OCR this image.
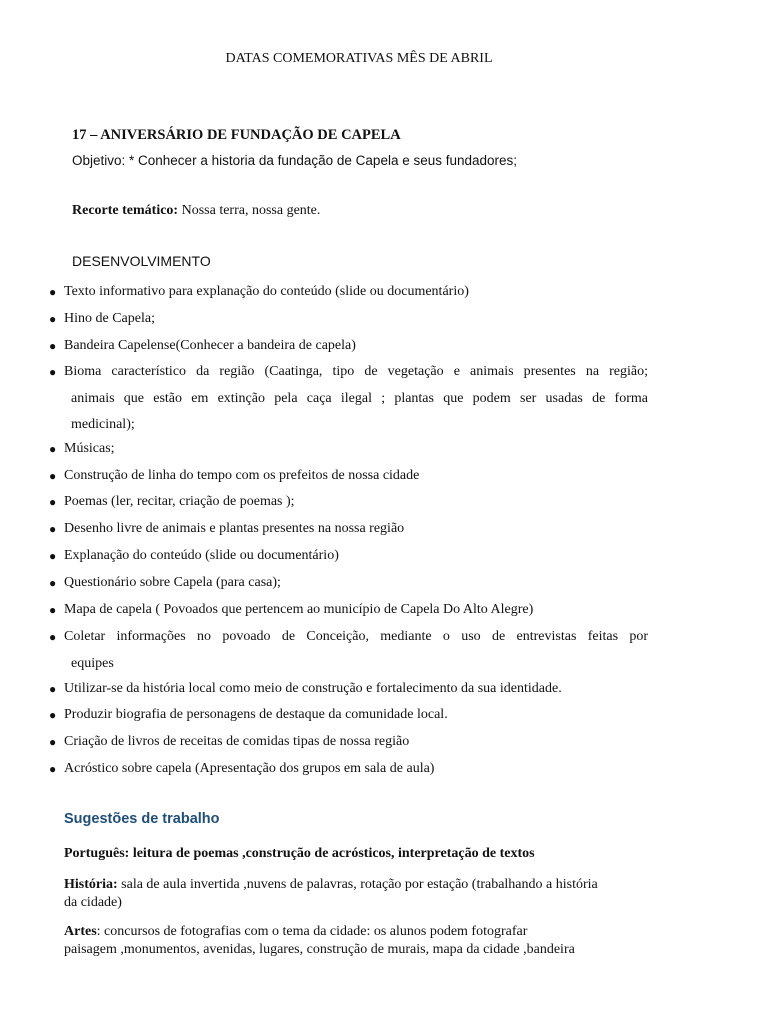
DATAS COMEMORATIVAS MÊS DE ABRIL
17 – ANIVERSÁRIO DE FUNDAÇÃO DE CAPELA
Objetivo: * Conhecer a historia da fundação de Capela e seus fundadores;
Recorte temático: Nossa terra, nossa gente.
DESENVOLVIMENTO
● Texto informativo para explanação do conteúdo (slide ou documentário)
● Hino de Capela;
● Bandeira Capelense(Conhecer a bandeira de capela)
● Bioma característico da região (Caatinga, tipo de vegetação e animais presentes na região;
animais que estão em extinção pela caça ilegal ; plantas que podem ser usadas de forma
medicinal);
● Músicas;
● Construção de linha do tempo com os prefeitos de nossa cidade
● Poemas (ler, recitar, criação de poemas );
● Desenho livre de animais e plantas presentes na nossa região
● Explanação do conteúdo (slide ou documentário)
● Questionário sobre Capela (para casa);
● Mapa de capela ( Povoados que pertencem ao município de Capela Do Alto Alegre)
● Coletar informações no povoado de Conceição, mediante o uso de entrevistas feitas por
equipes
● Utilizar-se da história local como meio de construção e fortalecimento da sua identidade.
● Produzir biografia de personagens de destaque da comunidade local.
● Criação de livros de receitas de comidas tipas de nossa região
● Acróstico sobre capela (Apresentação dos grupos em sala de aula)
Sugestões de trabalho
Português: leitura de poemas ,construção de acrósticos, interpretação de textos
História: sala de aula invertida ,nuvens de palavras, rotação por estação (trabalhando a história
da cidade)
Artes: concursos de fotografias com o tema da cidade: os alunos podem fotografar
paisagem ,monumentos, avenidas, lugares, construção de murais, mapa da cidade ,bandeira
